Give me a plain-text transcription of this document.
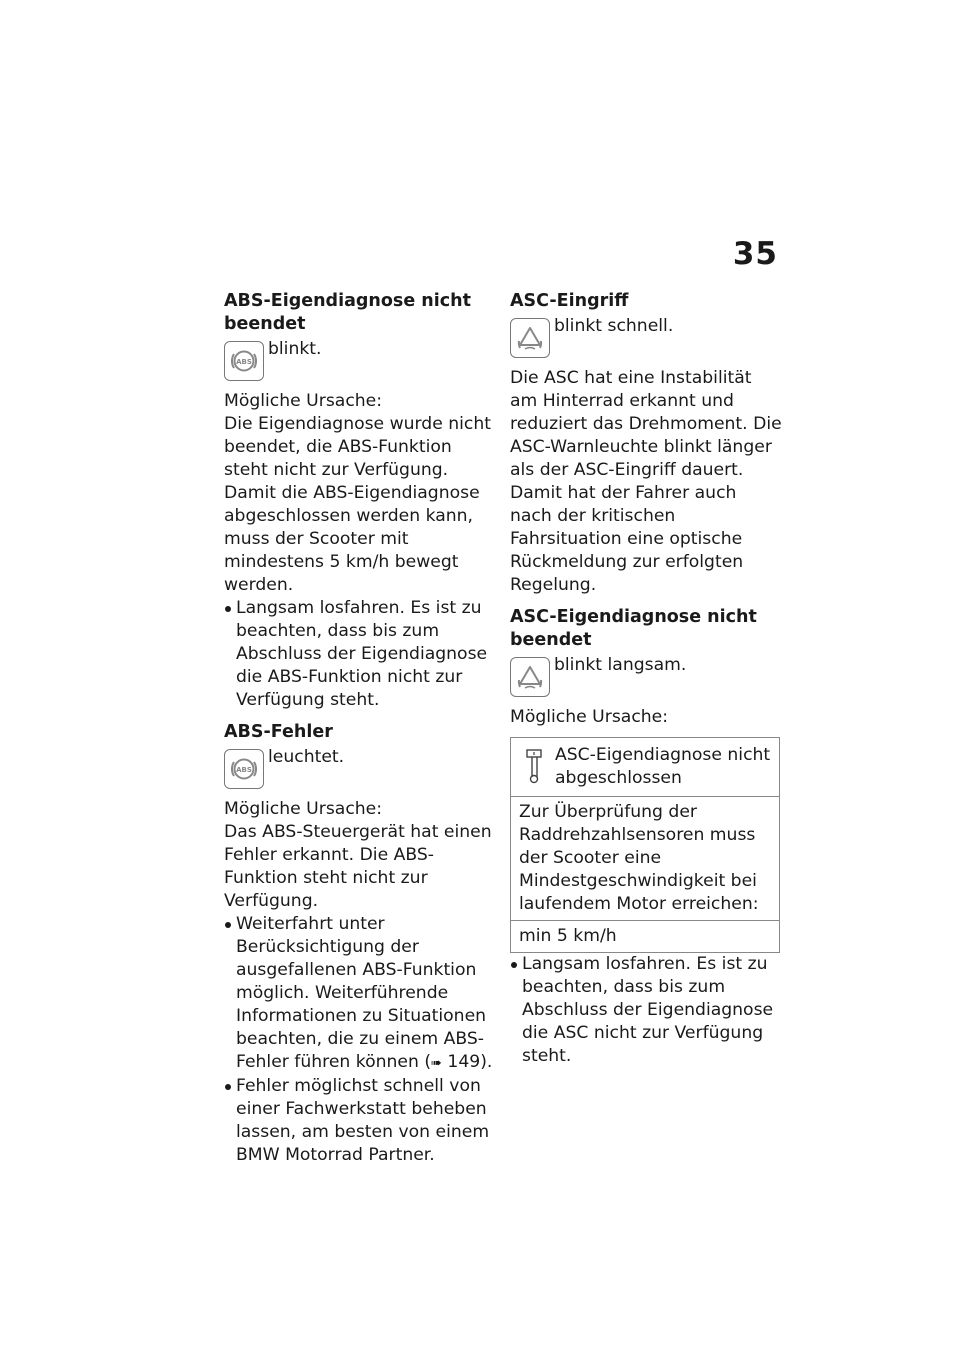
35
ABS-Eigendiagnose nicht beendet
ABS
blinkt.

Mögliche Ursache:

Die Eigendiagnose wurde nicht beendet, die ABS-Funktion steht nicht zur Verfügung. Damit die ABS-Eigendiagnose abgeschlossen werden kann, muss der Scooter mit mindestens 5 km/h bewegt werden.

Langsam losfahren. Es ist zu beachten, dass bis zum Abschluss der Eigendiagnose die ABS-Funktion nicht zur Verfügung steht.
ABS-Fehler
ABS
leuchtet.

Mögliche Ursache:

Das ABS-Steuergerät hat einen Fehler erkannt. Die ABS-Funktion steht nicht zur Verfügung.

Weiterfahrt unter Berücksichtigung der ausgefallenen ABS-Funktion möglich. Weiterführende Informationen zu Situationen beachten, die zu einem ABS-Fehler führen können (➠ 149).
Fehler möglichst schnell von einer Fachwerkstatt beheben lassen, am besten von einem BMW Motorrad Partner.
ASC-Eingriff
blinkt schnell.

Die ASC hat eine Instabilität am Hinterrad erkannt und reduziert das Drehmoment. Die ASC-Warnleuchte blinkt länger als der ASC-Eingriff dauert. Damit hat der Fahrer auch nach der kritischen Fahrsituation eine optische Rückmeldung zur erfolgten Regelung.

ASC-Eigendiagnose nicht beendet
blinkt langsam.

Mögliche Ursache:

ASC-Eigendiagnose nicht abgeschlossen
Zur Überprüfung der Raddrehzahlsensoren muss der Scooter eine Mindestgeschwindigkeit bei laufendem Motor erreichen:
min 5 km/h
Langsam losfahren. Es ist zu beachten, dass bis zum Abschluss der Eigendiagnose die ASC nicht zur Verfügung steht.
